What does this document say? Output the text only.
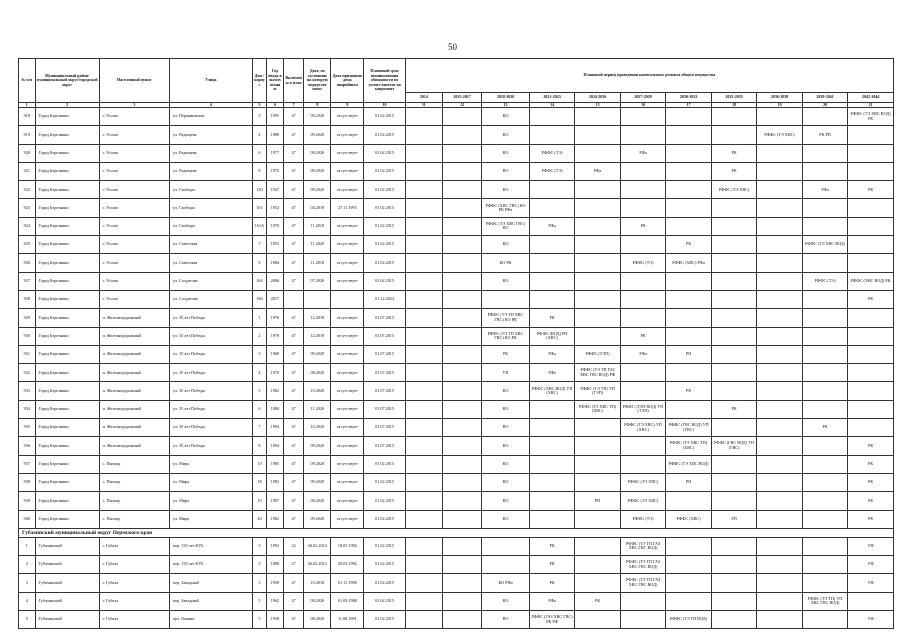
50
№ п/п	Муниципальный район/ муниципальный округ/городской округ	Населенный пункт	Улица	Дом / корпус	Год ввода в эксплуатацию	Включены в план	Дата, по состоянию на которую определен износ	Дата признания дома аварийным	Плановый срок возникновения обязанности по уплате взносов на капремонт	Плановый период проведения капитального ремонта общего имущества										
										2014	2015-2017	2018-2020	2021-2023	2024-2026	2027-2029	2030-2032	2033-2035	2036-2038	2039-2041	2042-2044
1	2	3	4	5	6	7	8	9	10	11	12	13	14	15	16	17	18	19	20	21
918	Город Березники	г. Усолье	ул. Пермяковская	5	1995	47	09.2020	отсутствует	01.02.2015			КО								РФФС (ТЭ ХВС ВОД) РК
919	Город Березники	г. Усолье	ул. Радищева	4	1988	47	09.2020	отсутствует	01.02.2015			КО						РФФС (ТЭ ХВС)	РК РП	
920	Город Березники	г. Усолье	ул. Радищева	6	1977	47	09.2020	отсутствует	01.02.2015			КО	РФФС (ТЭ)		РФа		РК			
921	Город Березники	г. Усолье	ул. Радищева	8	1975	47	09.2020	отсутствует	01.02.2015			КО	РФФС (ТЭ)	РФа			РК			
922	Город Березники	г. Усолье	ул. Свободы	150	1947	47	09.2020	отсутствует	01.02.2015			КО					РФФС (ТЭ ХВС)		РФа	РК
923	Город Березники	г. Усолье	ул. Свободы	161	1952	47	04.2018	27.11.1993	01.02.2015			РФФС (ХВС ГВС) КО РК РФа								
924	Город Березники	г. Усолье	ул. Свободы	161А	1970	47	11.2018	отсутствует	01.02.2015			РФФС (ТЭ ХВС ГВС) КО	РФа		РК					
925	Город Березники	г. Усолье	ул. Советская	7	1953	47	11.2020	отсутствует	01.02.2015			КО				РК			РФФС (ТЭ ХВС ВОД)	
926	Город Березники	г. Усолье	ул. Советская	9	1984	47	11.2018	отсутствует	01.02.2015			КО РК			РФФС (ТЭ)	РФФС (ХВС) РФа				
927	Город Березники	г. Усолье	ул. Солдатова	164	2006	47	07.2020	отсутствует	01.02.2015			КО							РФФС (ТЭ)	РФФС (ХВС ВОД) РК
928	Город Березники	г. Усолье	ул. Солдатова	166	2017				01.12.2024											РК
929	Город Березники	п. Железнодорожный	ул. 35 лет Победы	1	1976	47	12.2018	отсутствует	01.07.2015			РФФС (ТЭ ТП ХВС ГВС) КО РК	РК							
930	Город Березники	п. Железнодорожный	ул. 35 лет Победы	2	1979	47	12.2018	отсутствует	01.07.2015			РФФС (ТЭ ТП ХВС ГВС) КО РК	РФФС (ВОД) РП (ХВС)		РК					
931	Город Березники	п. Железнодорожный	ул. 35 лет Победы	3	1969	47	09.2020	отсутствует	01.07.2015			РК	РФа	РФФС (ТЭП)	РФа	РП				
932	Город Березники	п. Железнодорожный	ул. 35 лет Победы	4	1970	47	08.2020	отсутствует	01.07.2015			УП	РФа	РФФС (ТЭ ТП ГАЗ ХВС ГВС ВОД) РФ						
933	Город Березники	п. Железнодорожный	ул. 35 лет Победы	5	1982	47	10.2020	отсутствует	01.07.2015			КО	РФФС (ХВС ВОД) УП (ХВС)	РФФС (ТЭ ТП) УП (ТЭП)		РК				
934	Город Березники	п. Железнодорожный	ул. 35 лет Победы	6	1984	47	11.2020	отсутствует	01.07.2015			КО		РФФС (ТЭ ХВС ТП) (ХВС)	РФФС (ТЭП ВОД) УП (ТЭП)		РК			
935	Город Березники	п. Железнодорожный	ул. 35 лет Победы	7	1994	47	10.2020	отсутствует	01.07.2015			КО			РФФС (ТЭ ХВС) УП (ХВС)	РФФС (ГВС ВОД) УП (ГВС)			РК	
936	Город Березники	п. Железнодорожный	ул. 35 лет Победы	8	1994	47	09.2020	отсутствует	01.07.2015			КО				РФФС (ТЭ ХВС ТП) (ХВС)	РФФС (ГВС ВОД) УП (ГВС)			РК
937	Город Березники	с. Пыскор	ул. Мира	10	1985	47	09.2020	отсутствует	01.02.2015			КО				РФФС (ТЭ ХВС ВОД)				РК
938	Город Березники	с. Пыскор	ул. Мира	18	1982	47	09.2020	отсутствует	01.02.2015			КО			РФФС (ТЭ ХВС)	РП				РК
939	Город Березники	с. Пыскор	ул. Мира	19	1987	47	09.2020	отсутствует	01.02.2015			КО		РП	РФФС (ТЭ ХВС)					РК
940	Город Березники	с. Пыскор	ул. Мира	20	1982	47	09.2020	отсутствует	01.02.2015			КО			РФФС (ТЭ)	РФФС (ХВС)	РП			РК
Губахинский муниципальный округ Пермского края																				
1	Губахинский	г. Губаха	пер. 150 лет КУБ	3	1992	22	26.02.2014	18.05.1992	01.02.2015				РК		РФФС (ТЭ ТП ГАЗ ХВС ГВС ВОД)					УФ
2	Губахинский	г. Губаха	пер. 150 лет КУБ	5	1988	27	26.02.2014	20.03.1992	01.02.2015				РК		РФФС (ТЭ ТП ГАЗ ХВС ГВС ВОД)					УФ
3	Губахинский	г. Губаха	пер. Западный	3	1958	47	10.2018	01.11.1988	01.02.2015			КО РФа	РК		РФФС (ТЭ ТП ГАЗ ХВС ГВС ВОД)					УФ
4	Губахинский	г. Губаха	пер. Западный	5	1962	47	08.2020	01.09.1988	01.02.2015			КО	РФа	РК					РФФС (ТЭ ТП) УП ХВС ГВС ВОД)	
5	Губахинский	г. Губаха	прт. Ленина	5	1938	47	08.2020	11.08.1991	01.02.2015			КО	РФФС (ГАЗ ХВС ГВС) РК РФ			РФФС (ТЭ ТП ВОД)				УФ
